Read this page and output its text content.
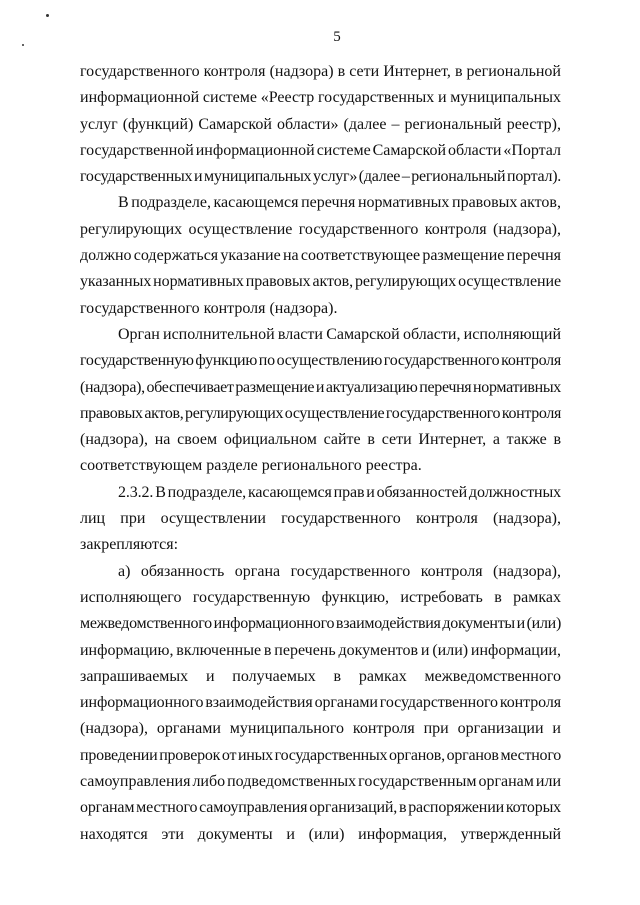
5
государственного контроля (надзора) в сети Интернет, в региональной
информационной системе «Реестр государственных и муниципальных
услуг (функций) Самарской области» (далее – региональный реестр),
государственной информационной системе Самарской области «Портал
государственных и муниципальных услуг» (далее – региональный портал).
В подразделе, касающемся перечня нормативных правовых актов,
регулирующих осуществление государственного контроля (надзора),
должно содержаться указание на соответствующее размещение перечня
указанных нормативных правовых актов, регулирующих осуществление
государственного контроля (надзора).
Орган исполнительной власти Самарской области, исполняющий
государственную функцию по осуществлению государственного контроля
(надзора), обеспечивает размещение и актуализацию перечня нормативных
правовых актов, регулирующих осуществление государственного контроля
(надзора), на своем официальном сайте в сети Интернет, а также в
соответствующем разделе регионального реестра.
2.3.2. В подразделе, касающемся прав и обязанностей должностных
лиц при осуществлении государственного контроля (надзора),
закрепляются:
а) обязанность органа государственного контроля (надзора),
исполняющего государственную функцию, истребовать в рамках
межведомственного информационного взаимодействия документы и (или)
информацию, включенные в перечень документов и (или) информации,
запрашиваемых и получаемых в рамках межведомственного
информационного взаимодействия органами государственного контроля
(надзора), органами муниципального контроля при организации и
проведении проверок от иных государственных органов, органов местного
самоуправления либо подведомственных государственным органам или
органам местного самоуправления организаций, в распоряжении которых
находятся эти документы и (или) информация, утвержденный
